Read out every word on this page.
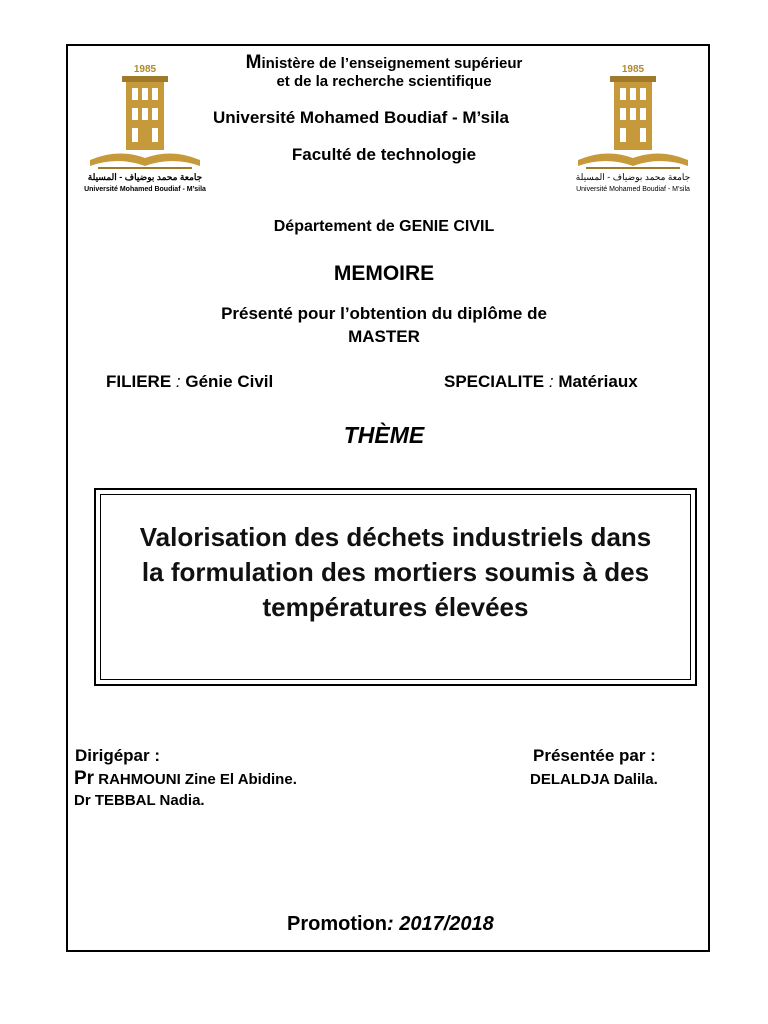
1985
جامعة محمد بوضياف - المسيلة
Université Mohamed Boudiaf - M’sila
1985
جامعة محمد بوضياف - المسيلة
Université Mohamed Boudiaf - M’sila
Ministère de l’enseignement supérieur
et de la recherche scientifique
Université Mohamed Boudiaf - M’sila
Faculté de technologie
Département de GENIE CIVIL
MEMOIRE
Présenté pour l’obtention du diplôme de
MASTER
FILIERE : Génie Civil	SPECIALITE : Matériaux
THÈME
Valorisation des déchets industriels dans la formulation des mortiers soumis à des températures élevées
Dirigépar :
Pr RAHMOUNI Zine El Abidine.
Dr TEBBAL Nadia.
Présentée par :
DELALDJA Dalila.
Promotion: 2017/2018
